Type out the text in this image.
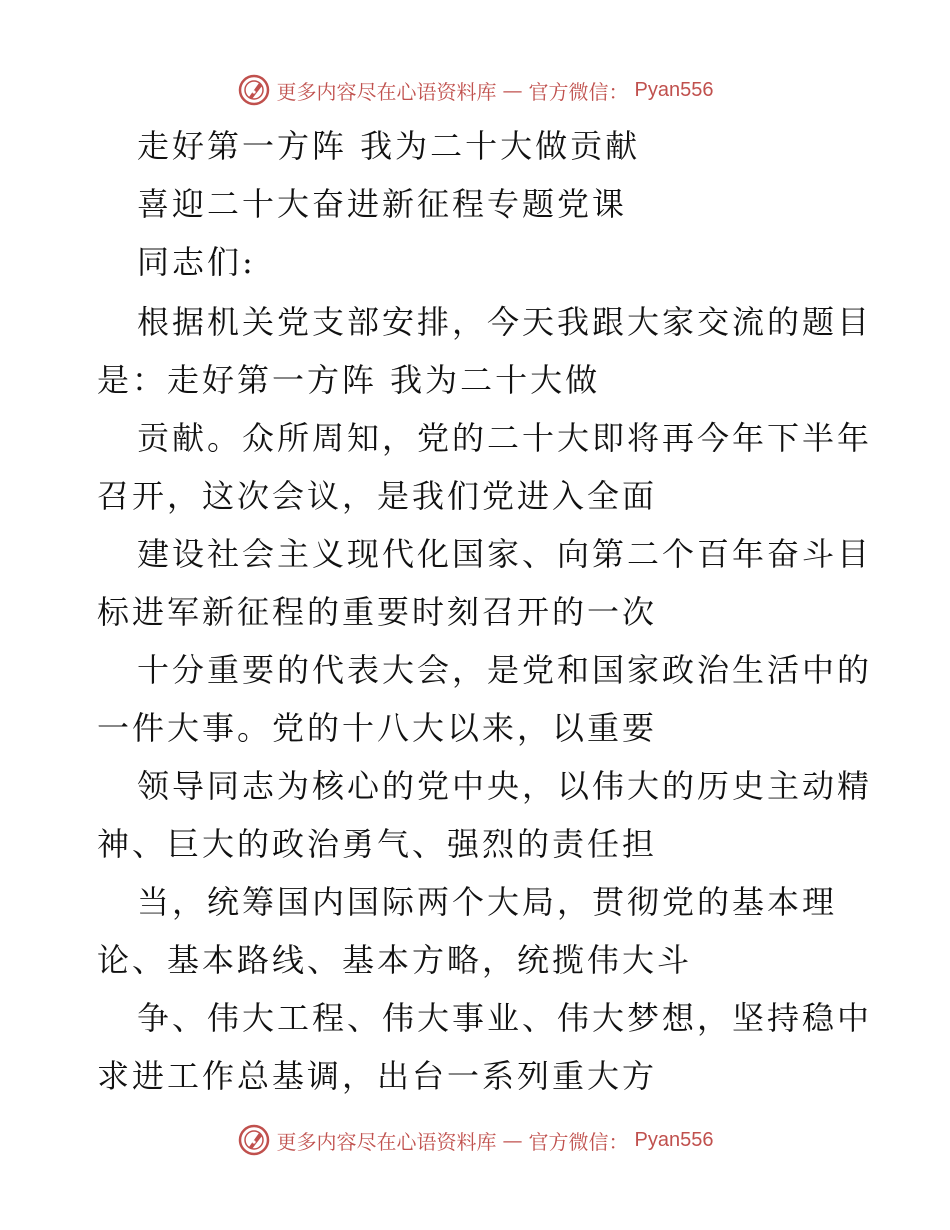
更多内容尽在心语资料库 — 官方微信： Pyan556
走好第一方阵 我为二十大做贡献
喜迎二十大奋进新征程专题党课
同志们:
根据机关党支部安排，今天我跟大家交流的题目
是：走好第一方阵 我为二十大做
贡献。众所周知，党的二十大即将再今年下半年
召开，这次会议，是我们党进入全面
建设社会主义现代化国家、向第二个百年奋斗目
标进军新征程的重要时刻召开的一次
十分重要的代表大会，是党和国家政治生活中的
一件大事。党的十八大以来，以重要
领导同志为核心的党中央，以伟大的历史主动精
神、巨大的政治勇气、强烈的责任担
当，统筹国内国际两个大局，贯彻党的基本理
论、基本路线、基本方略，统揽伟大斗
争、伟大工程、伟大事业、伟大梦想，坚持稳中
求进工作总基调，出台一系列重大方
更多内容尽在心语资料库 — 官方微信： Pyan556
